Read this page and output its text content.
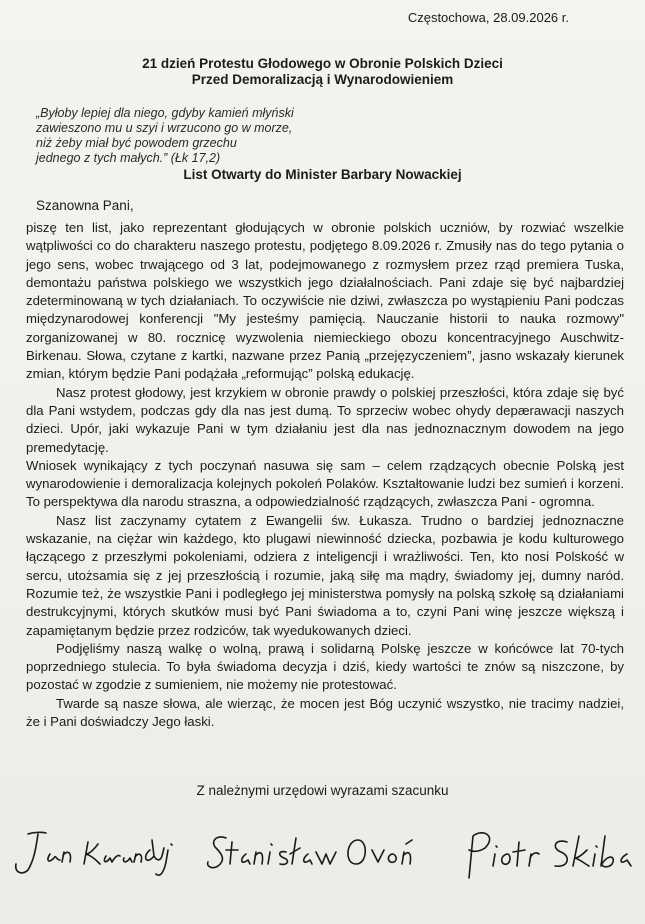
Częstochowa, 28.09.2026 r.
21 dzień Protestu Głodowego w Obronie Polskich Dzieci
Przed Demoralizacją i Wynarodowieniem
„Byłoby lepiej dla niego, gdyby kamień młyński
zawieszono mu u szyi i wrzucono go w morze,
niż żeby miał być powodem grzechu
jednego z tych małych.” (Łk 17,2)
List Otwarty do Minister Barbary Nowackiej
Szanowna Pani,

piszę ten list, jako reprezentant głodujących w obronie polskich uczniów, by rozwiać wszelkie wątpliwości co do charakteru naszego protestu, podjętego 8.09.2026 r. Zmusiły nas do tego pytania o jego sens, wobec trwającego od 3 lat, podejmowanego z rozmysłem przez rząd premiera Tuska, demontażu państwa polskiego we wszystkich jego działalnościach. Pani zdaje się być najbardziej zdeterminowaną w tych działaniach. To oczywiście nie dziwi, zwłaszcza po wystąpieniu Pani podczas międzynarodowej konferencji "My jesteśmy pamięcią. Nauczanie historii to nauka rozmowy" zorganizowanej w 80. rocznicę wyzwolenia niemieckiego obozu koncentracyjnego Auschwitz-Birkenau. Słowa, czytane z kartki, nazwane przez Panią „przejęzyczeniem”, jasno wskazały kierunek zmian, którym będzie Pani podążała „reformując” polską edukację.

Nasz protest głodowy, jest krzykiem w obronie prawdy o polskiej przeszłości, która zdaje się być dla Pani wstydem, podczas gdy dla nas jest dumą. To sprzeciw wobec ohydy depærawacji naszych dzieci. Upór, jaki wykazuje Pani w tym działaniu jest dla nas jednoznacznym dowodem na jego premedytację.

Wniosek wynikający z tych poczynań nasuwa się sam – celem rządzących obecnie Polską jest wynarodowienie i demoralizacja kolejnych pokoleń Polaków. Kształtowanie ludzi bez sumień i korzeni. To perspektywa dla narodu straszna, a odpowiedzialność rządzących, zwłaszcza Pani - ogromna.

Nasz list zaczynamy cytatem z Ewangelii św. Łukasza. Trudno o bardziej jednoznaczne wskazanie, na ciężar win każdego, kto plugawi niewinność dziecka, pozbawia je kodu kulturowego łączącego z przeszłymi pokoleniami, odziera z inteligencji i wrażliwości. Ten, kto nosi Polskość w sercu, utożsamia się z jej przeszłością i rozumie, jaką siłę ma mądry, świadomy jej, dumny naród. Rozumie też, że wszystkie Pani i podległego jej ministerstwa pomysły na polską szkołę są działaniami destrukcyjnymi, których skutków musi być Pani świadoma a to, czyni Pani winę jeszcze większą i zapamiętanym będzie przez rodziców, tak wyedukowanych dzieci.

Podjęliśmy naszą walkę o wolną, prawą i solidarną Polskę jeszcze w końcówce lat 70-tych poprzedniego stulecia. To była świadoma decyzja i dziś, kiedy wartości te znów są niszczone, by pozostać w zgodzie z sumieniem, nie możemy nie protestować.

Twarde są nasze słowa, ale wierząc, że mocen jest Bóg uczynić wszystko, nie tracimy nadziei, że i Pani doświadczy Jego łaski.

Z należnymi urzędowi wyrazami szacunku
